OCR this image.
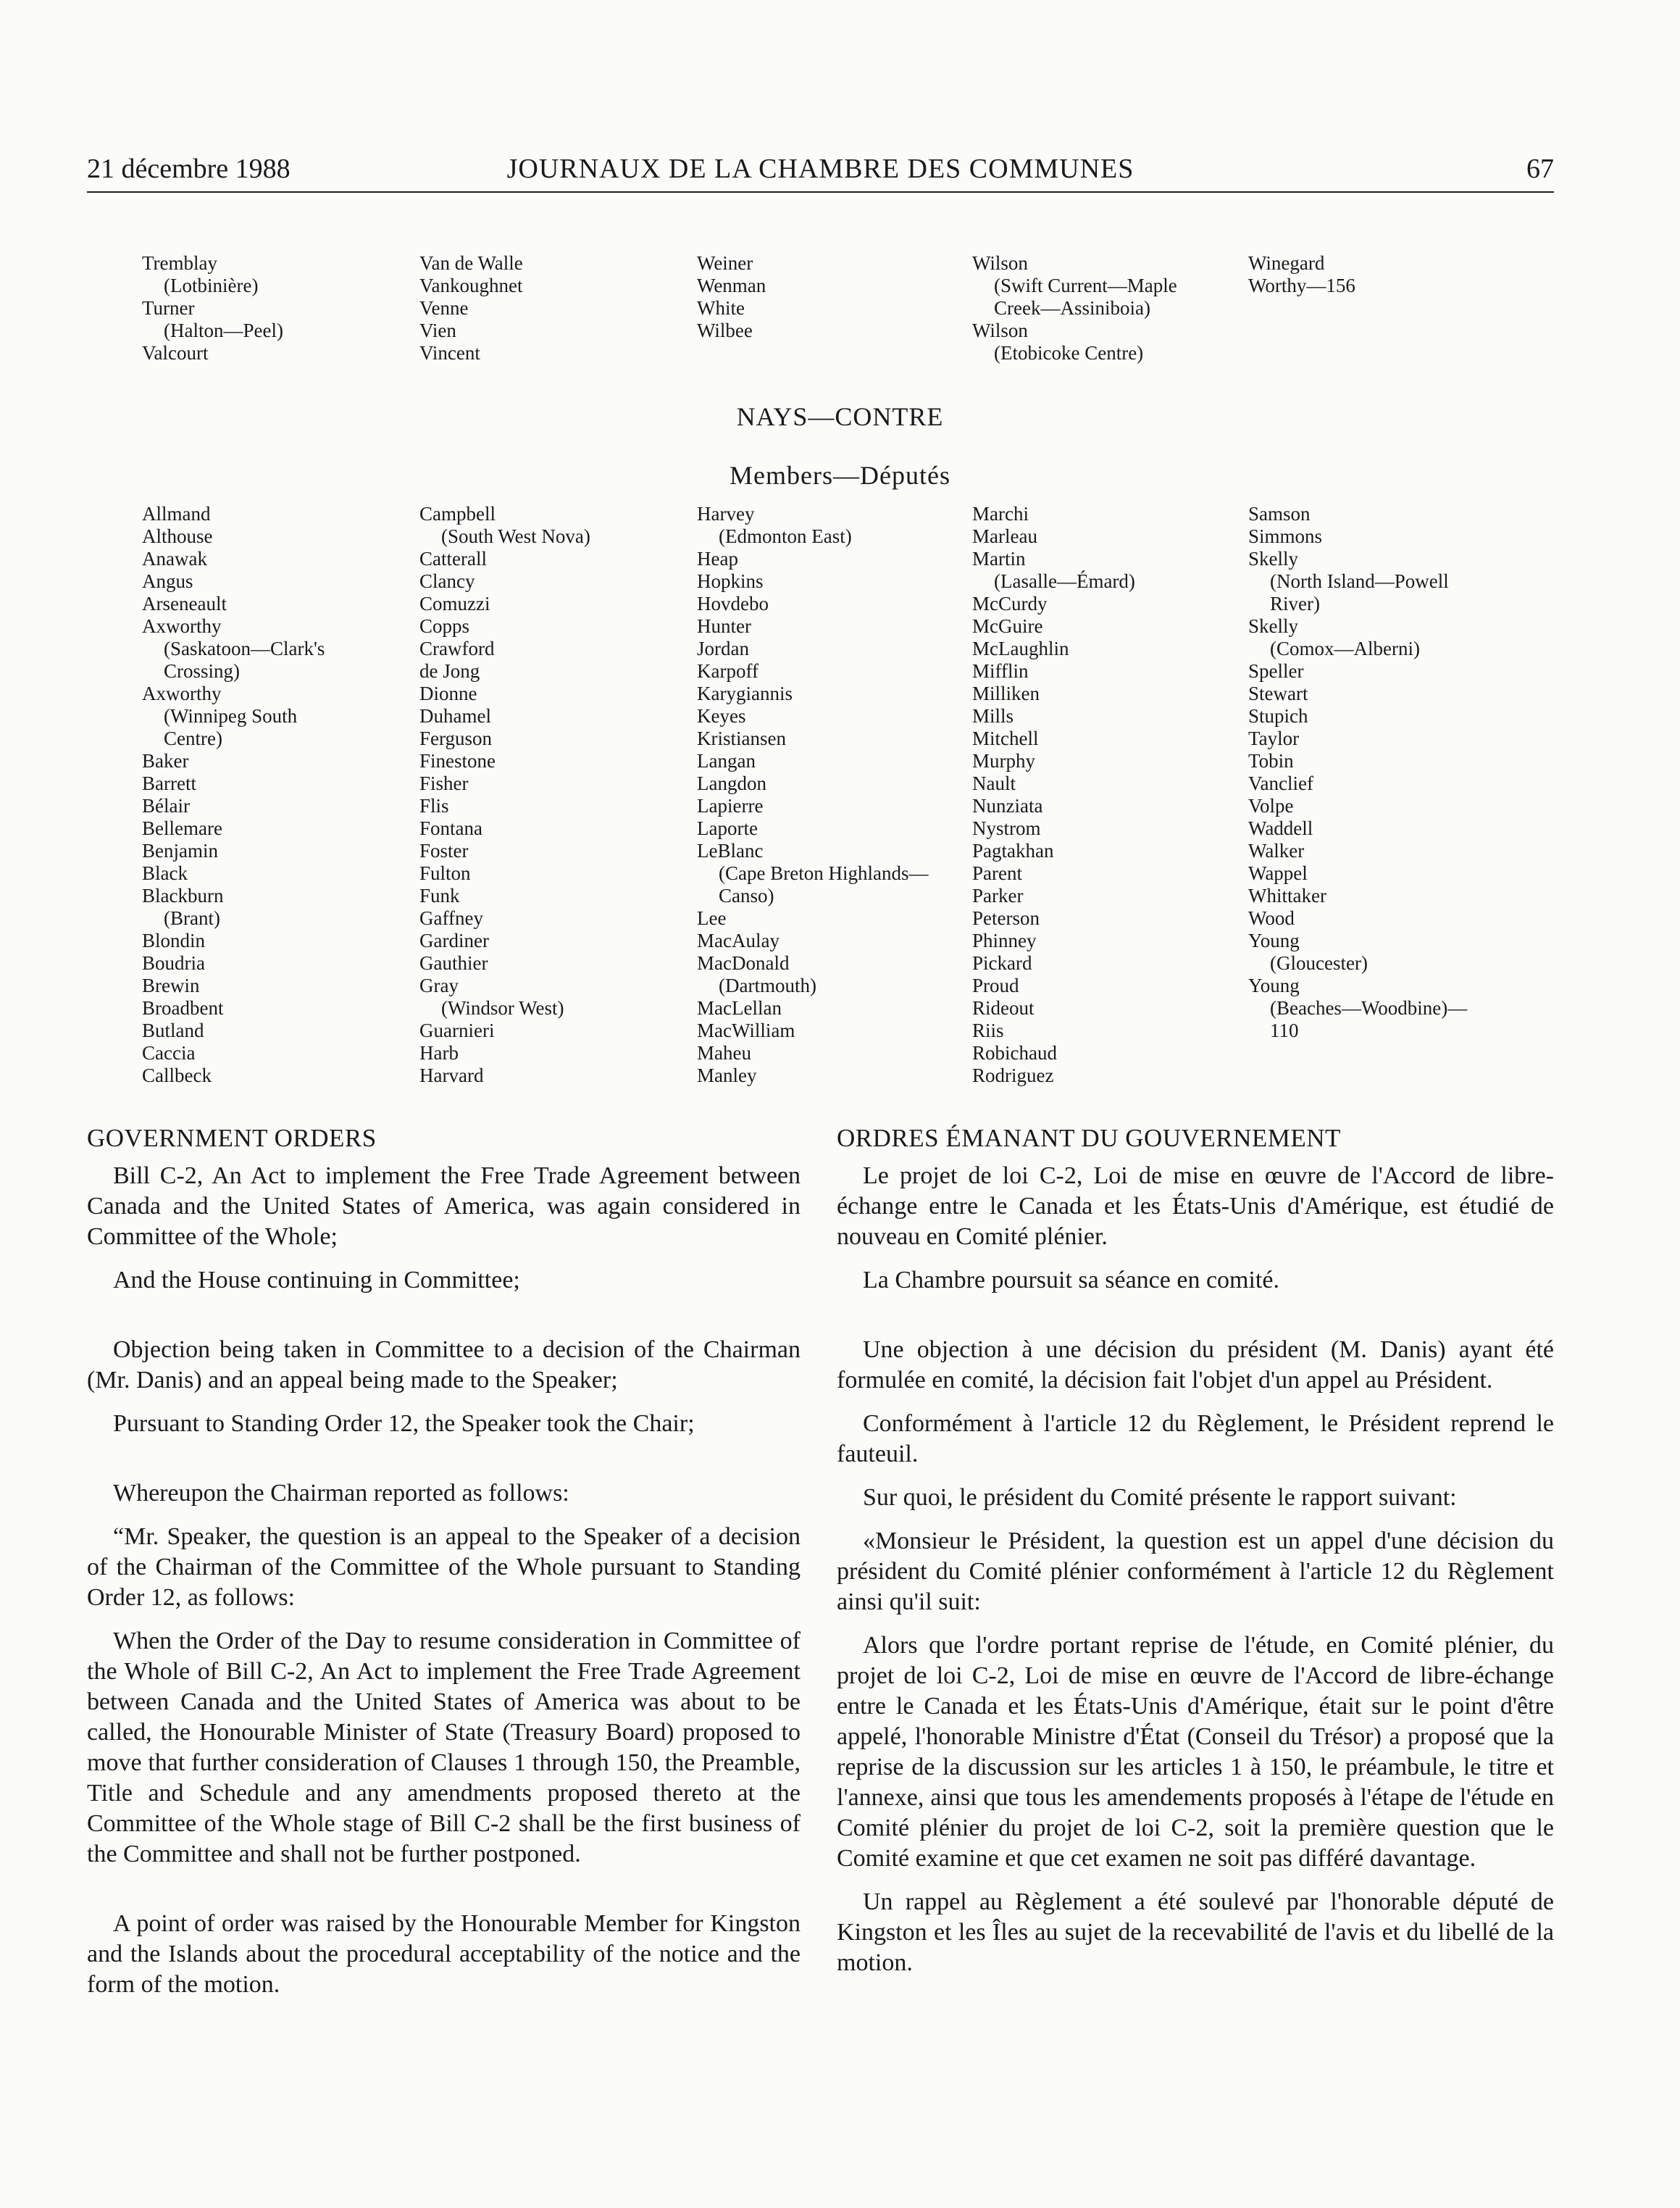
21 décembre 1988	JOURNAUX DE LA CHAMBRE DES COMMUNES	67
Tremblay
(Lotbinière)
Turner
(Halton—Peel)
Valcourt
Van de Walle
Vankoughnet
Venne
Vien
Vincent
Weiner
Wenman
White
Wilbee
Wilson
(Swift Current—Maple
Creek—Assiniboia)
Wilson
(Etobicoke Centre)
Winegard
Worthy—156
NAYS—CONTRE
Members—Députés
Allmand
Althouse
Anawak
Angus
Arseneault
Axworthy
(Saskatoon—Clark's
Crossing)
Axworthy
(Winnipeg South
Centre)
Baker
Barrett
Bélair
Bellemare
Benjamin
Black
Blackburn
(Brant)
Blondin
Boudria
Brewin
Broadbent
Butland
Caccia
Callbeck
Campbell
(South West Nova)
Catterall
Clancy
Comuzzi
Copps
Crawford
de Jong
Dionne
Duhamel
Ferguson
Finestone
Fisher
Flis
Fontana
Foster
Fulton
Funk
Gaffney
Gardiner
Gauthier
Gray
(Windsor West)
Guarnieri
Harb
Harvard
Harvey
(Edmonton East)
Heap
Hopkins
Hovdebo
Hunter
Jordan
Karpoff
Karygiannis
Keyes
Kristiansen
Langan
Langdon
Lapierre
Laporte
LeBlanc
(Cape Breton Highlands—
Canso)
Lee
MacAulay
MacDonald
(Dartmouth)
MacLellan
MacWilliam
Maheu
Manley
Marchi
Marleau
Martin
(Lasalle—Émard)
McCurdy
McGuire
McLaughlin
Mifflin
Milliken
Mills
Mitchell
Murphy
Nault
Nunziata
Nystrom
Pagtakhan
Parent
Parker
Peterson
Phinney
Pickard
Proud
Rideout
Riis
Robichaud
Rodriguez
Samson
Simmons
Skelly
(North Island—Powell
River)
Skelly
(Comox—Alberni)
Speller
Stewart
Stupich
Taylor
Tobin
Vanclief
Volpe
Waddell
Walker
Wappel
Whittaker
Wood
Young
(Gloucester)
Young
(Beaches—Woodbine)—
110
GOVERNMENT ORDERS

Bill C-2, An Act to implement the Free Trade Agreement between Canada and the United States of America, was again considered in Committee of the Whole;

And the House continuing in Committee;

Objection being taken in Committee to a decision of the Chairman (Mr. Danis) and an appeal being made to the Speaker;

Pursuant to Standing Order 12, the Speaker took the Chair;

Whereupon the Chairman reported as follows:

“Mr. Speaker, the question is an appeal to the Speaker of a decision of the Chairman of the Committee of the Whole pursuant to Standing Order 12, as follows:

When the Order of the Day to resume consideration in Committee of the Whole of Bill C-2, An Act to implement the Free Trade Agreement between Canada and the United States of America was about to be called, the Honourable Minister of State (Treasury Board) proposed to move that further consideration of Clauses 1 through 150, the Preamble, Title and Schedule and any amendments proposed thereto at the Committee of the Whole stage of Bill C-2 shall be the first business of the Committee and shall not be further postponed.

A point of order was raised by the Honourable Member for Kingston and the Islands about the procedural acceptability of the notice and the form of the motion.

ORDRES ÉMANANT DU GOUVERNEMENT

Le projet de loi C-2, Loi de mise en œuvre de l'Accord de libre-échange entre le Canada et les États-Unis d'Amérique, est étudié de nouveau en Comité plénier.

La Chambre poursuit sa séance en comité.

Une objection à une décision du président (M. Danis) ayant été formulée en comité, la décision fait l'objet d'un appel au Président.

Conformément à l'article 12 du Règlement, le Président reprend le fauteuil.

Sur quoi, le président du Comité présente le rapport suivant:

«Monsieur le Président, la question est un appel d'une décision du président du Comité plénier conformément à l'article 12 du Règlement ainsi qu'il suit:

Alors que l'ordre portant reprise de l'étude, en Comité plénier, du projet de loi C-2, Loi de mise en œuvre de l'Accord de libre-échange entre le Canada et les États-Unis d'Amérique, était sur le point d'être appelé, l'honorable Ministre d'État (Conseil du Trésor) a proposé que la reprise de la discussion sur les articles 1 à 150, le préambule, le titre et l'annexe, ainsi que tous les amendements proposés à l'étape de l'étude en Comité plénier du projet de loi C-2, soit la première question que le Comité examine et que cet examen ne soit pas différé davantage.

Un rappel au Règlement a été soulevé par l'honorable député de Kingston et les Îles au sujet de la recevabilité de l'avis et du libellé de la motion.
